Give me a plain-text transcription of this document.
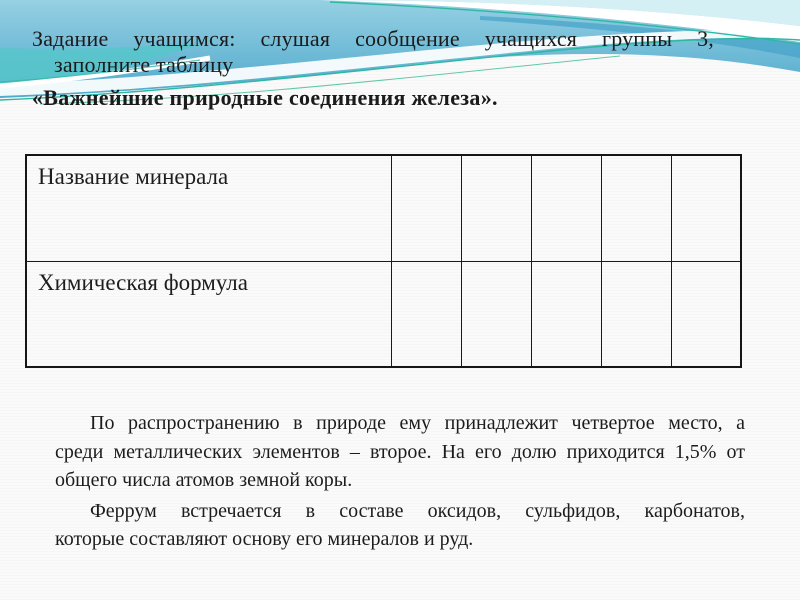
Задание учащимся: слушая сообщение учащихся группы 3,
заполните таблицу
«Важнейшие природные соединения железа».
Название минерала					
Химическая формула					
По распространению в природе ему принадлежит четвертое место, а
среди металлических элементов – второе. На его долю приходится 1,5% от
общего числа атомов земной коры.
Феррум встречается в составе оксидов, сульфидов, карбонатов,
которые составляют основу его минералов и руд.
